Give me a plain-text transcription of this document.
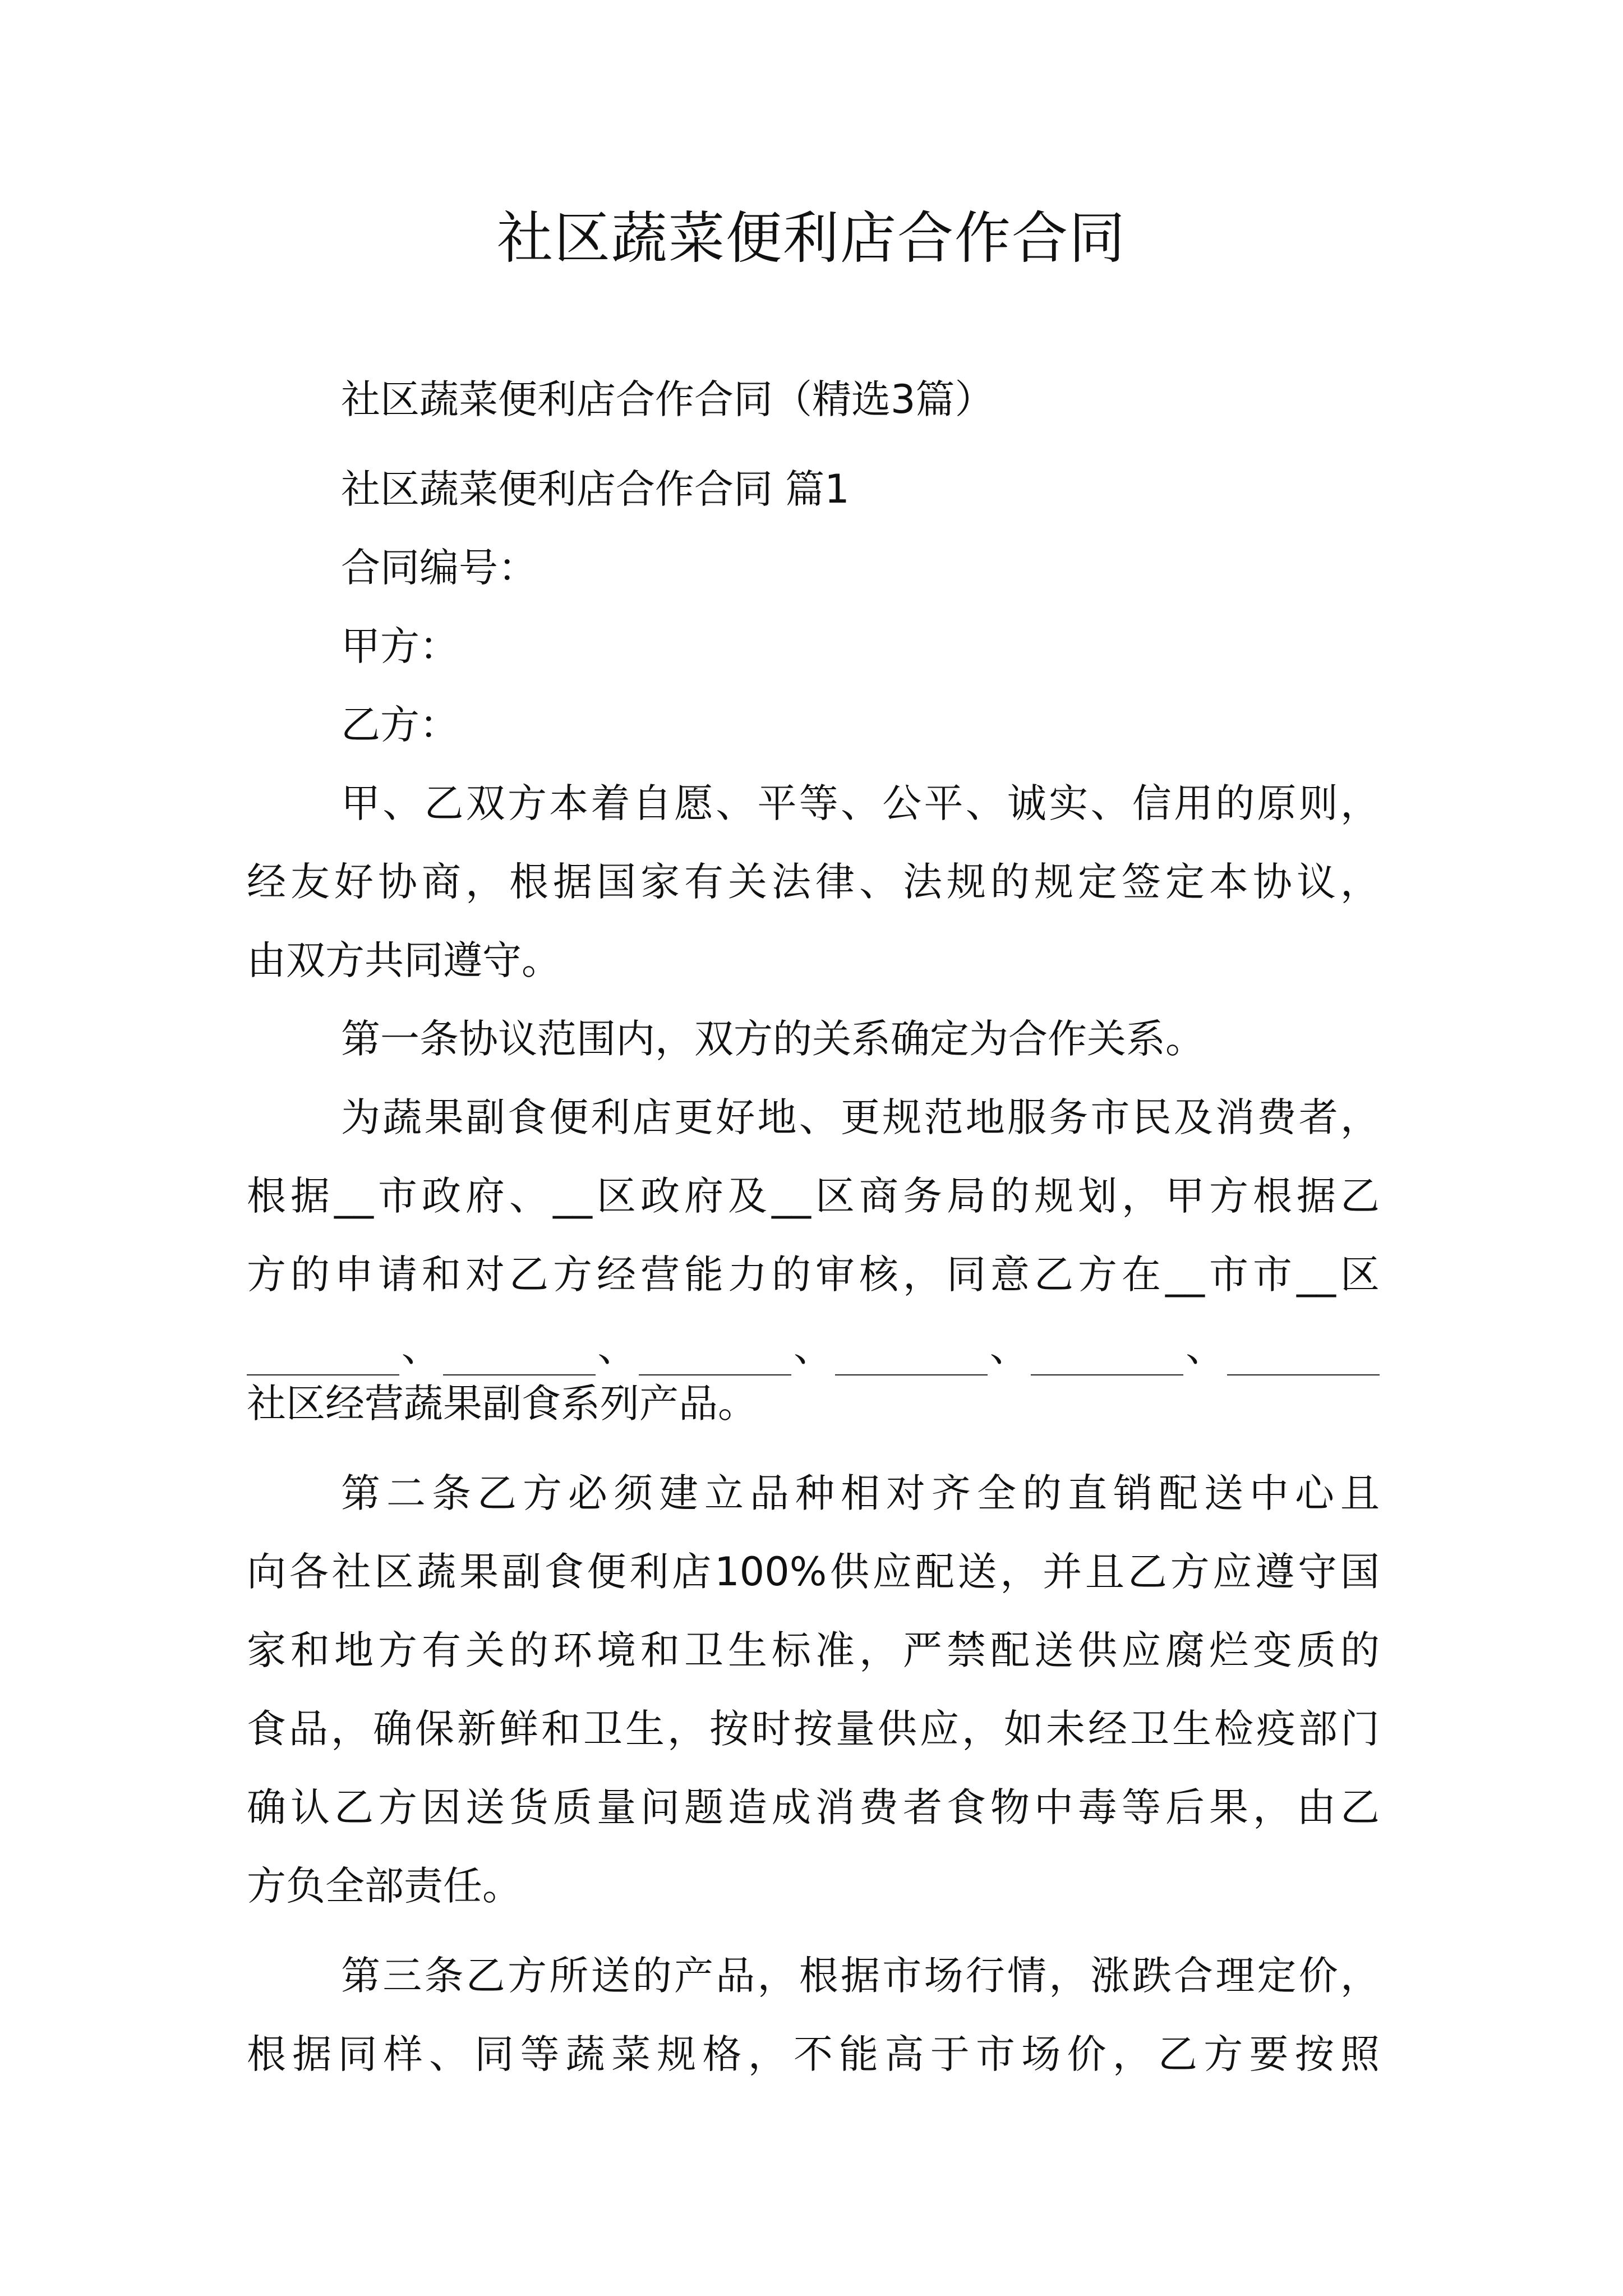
社区蔬菜便利店合作合同

社区蔬菜便利店合作合同（精选3篇）

社区蔬菜便利店合作合同 篇1

合同编号：

甲方：

乙方：

甲、乙双方本着自愿、平等、公平、诚实、信用的原则，

经友好协商，根据国家有关法律、法规的规定签定本协议，

由双方共同遵守。

第一条协议范围内，双方的关系确定为合作关系。

为蔬果副食便利店更好地、更规范地服务市民及消费者，

根据__市政府、__区政府及__区商务局的规划，甲方根据乙

方的申请和对乙方经营能力的审核，同意乙方在__市市__区

、	、	、	、	、

社区经营蔬果副食系列产品。

第二条乙方必须建立品种相对齐全的直销配送中心且

向各社区蔬果副食便利店100%供应配送，并且乙方应遵守国

家和地方有关的环境和卫生标准，严禁配送供应腐烂变质的

食品，确保新鲜和卫生，按时按量供应，如未经卫生检疫部门

确认乙方因送货质量问题造成消费者食物中毒等后果，由乙

方负全部责任。

第三条乙方所送的产品，根据市场行情，涨跌合理定价，

根据同样、同等蔬菜规格，不能高于市场价，乙方要按照
